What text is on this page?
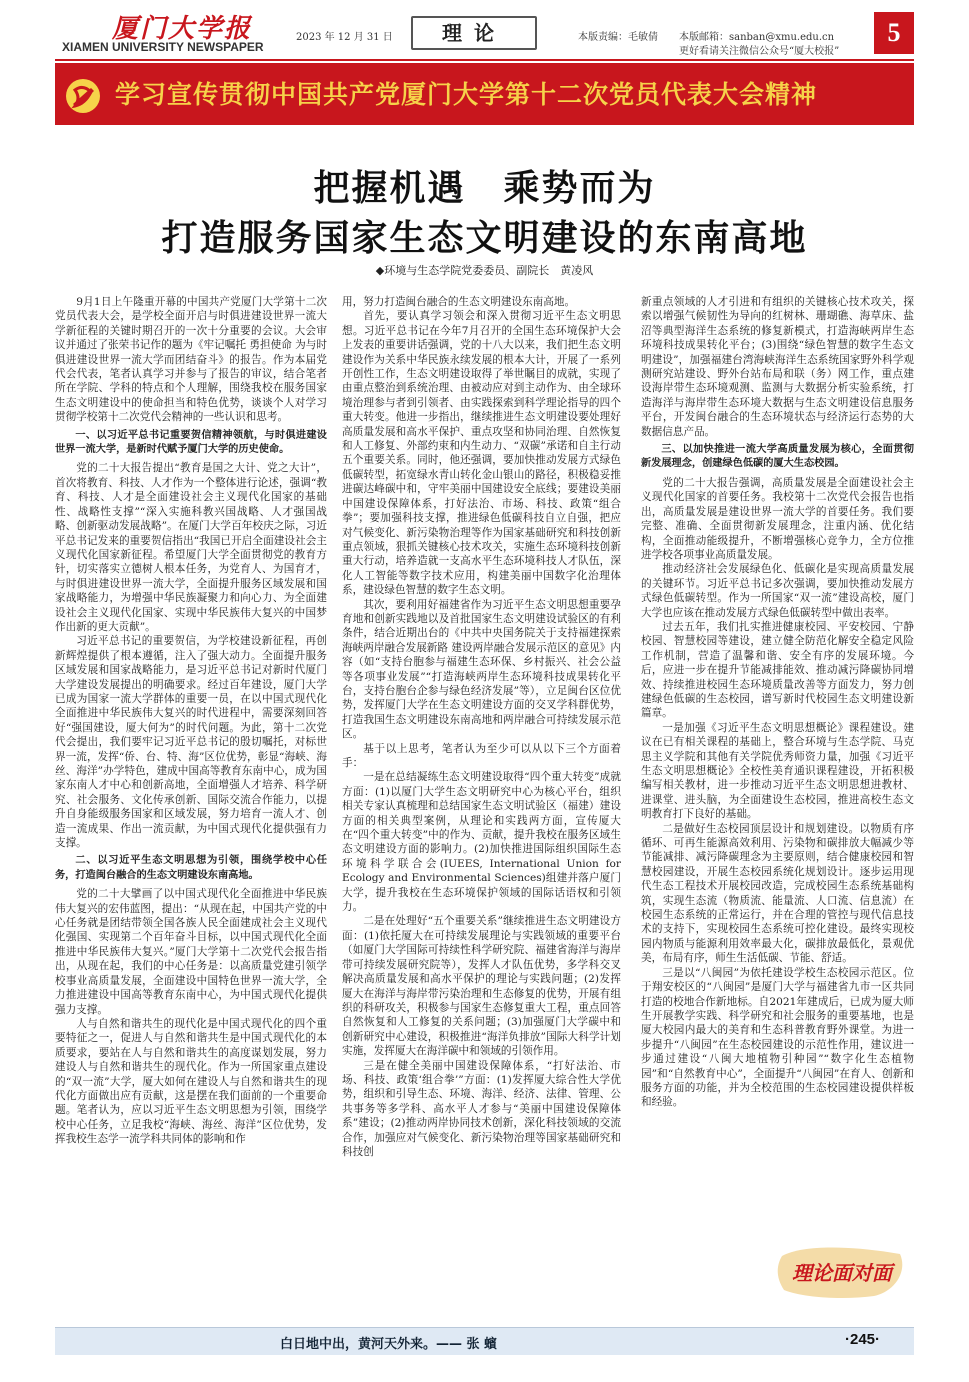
厦门大学报
XIAMEN UNIVERSITY NEWSPAPER
2023 年 12 月 31 日	理论	本版责编：毛敏倩 本版邮箱：sanban@xmu.edu.cn
更好看请关注微信公众号“厦大校报”
5
学习宣传贯彻中国共产党厦门大学第十二次党员代表大会精神
把握机遇　乘势而为
打造服务国家生态文明建设的东南高地
◆环境与生态学院党委委员、副院长　黄凌风

9月1日上午隆重开幕的中国共产党厦门大学第十二次党员代表大会，是学校全面开启与时俱进建设世界一流大学新征程的关键时期召开的一次十分重要的会议。大会审议并通过了张荣书记作的题为《牢记嘱托 勇担使命 为与时俱进建设世界一流大学而团结奋斗》的报告。作为本届党代会代表，笔者认真学习并参与了报告的审议，结合笔者所在学院、学科的特点和个人理解，围绕我校在服务国家生态文明建设中的使命担当和特色优势，谈谈个人对学习贯彻学校第十二次党代会精神的一些认识和思考。

一、以习近平总书记重要贺信精神领航，与时俱进建设世界一流大学，是新时代赋予厦门大学的历史使命。

党的二十大报告提出“教育是国之大计、党之大计”，首次将教育、科技、人才作为一个整体进行论述，强调“教育、科技、人才是全面建设社会主义现代化国家的基础性、战略性支撑”“深入实施科教兴国战略、人才强国战略、创新驱动发展战略”。在厦门大学百年校庆之际，习近平总书记发来的重要贺信指出“我国已开启全面建设社会主义现代化国家新征程。希望厦门大学全面贯彻党的教育方针，切实落实立德树人根本任务，为党育人、为国育才，与时俱进建设世界一流大学，全面提升服务区域发展和国家战略能力，为增强中华民族凝聚力和向心力、为全面建设社会主义现代化国家、实现中华民族伟大复兴的中国梦作出新的更大贡献”。

习近平总书记的重要贺信，为学校建设新征程，再创新辉煌提供了根本遵循，注入了强大动力。全面提升服务区域发展和国家战略能力，是习近平总书记对新时代厦门大学建设发展提出的明确要求。经过百年建设，厦门大学已成为国家一流大学群体的重要一员，在以中国式现代化全面推进中华民族伟大复兴的时代进程中，需要深刻回答好“强国建设，厦大何为”的时代问题。为此，第十二次党代会提出，我们要牢记习近平总书记的殷切嘱托，对标世界一流，发挥“侨、台、特、海”区位优势，彰显“海峡、海丝、海洋”办学特色，建成中国高等教育东南中心，成为国家东南人才中心和创新高地，全面增强人才培养、科学研究、社会服务、文化传承创新、国际交流合作能力，以提升自身能级服务国家和区域发展，努力培育一流人才、创造一流成果、作出一流贡献，为中国式现代化提供强有力支撑。

二、以习近平生态文明思想为引领，围绕学校中心任务，打造闽台融合的生态文明建设东南高地。

党的二十大擘画了以中国式现代化全面推进中华民族伟大复兴的宏伟蓝图，提出：“从现在起，中国共产党的中心任务就是团结带领全国各族人民全面建成社会主义现代化强国、实现第二个百年奋斗目标，以中国式现代化全面推进中华民族伟大复兴。”厦门大学第十二次党代会报告指出，从现在起，我们的中心任务是：以高质量党建引领学校事业高质量发展，全面建设中国特色世界一流大学，全力推进建设中国高等教育东南中心，为中国式现代化提供强力支撑。

人与自然和谐共生的现代化是中国式现代化的四个重要特征之一，促进人与自然和谐共生是中国式现代化的本质要求，要站在人与自然和谐共生的高度谋划发展，努力建设人与自然和谐共生的现代化。作为一所国家重点建设的“双一流”大学，厦大如何在建设人与自然和谐共生的现代化方面做出应有贡献，这是摆在我们面前的一个重要命题。笔者认为，应以习近平生态文明思想为引领，围绕学校中心任务，立足我校“海峡、海丝、海洋”区位优势，发挥我校生态学一流学科共同体的影响和作

用，努力打造闽台融合的生态文明建设东南高地。

首先，要认真学习领会和深入贯彻习近平生态文明思想。习近平总书记在今年7月召开的全国生态环境保护大会上发表的重要讲话强调，党的十八大以来，我们把生态文明建设作为关系中华民族永续发展的根本大计，开展了一系列开创性工作，生态文明建设取得了举世瞩目的成就，实现了由重点整治到系统治理、由被动应对到主动作为、由全球环境治理参与者到引领者、由实践探索到科学理论指导的四个重大转变。他进一步指出，继续推进生态文明建设要处理好高质量发展和高水平保护、重点攻坚和协同治理、自然恢复和人工修复、外部约束和内生动力、“双碳”承诺和自主行动五个重要关系。同时，他还强调，要加快推动发展方式绿色低碳转型，拓宽绿水青山转化金山银山的路径，积极稳妥推进碳达峰碳中和，守牢美丽中国建设安全底线；要建设美丽中国建设保障体系，打好法治、市场、科技、政策“组合拳”；要加强科技支撑，推进绿色低碳科技自立自强，把应对气候变化、新污染物治理等作为国家基础研究和科技创新重点领域，狠抓关键核心技术攻关，实施生态环境科技创新重大行动，培养造就一支高水平生态环境科技人才队伍，深化人工智能等数字技术应用，构建美丽中国数字化治理体系，建设绿色智慧的数字生态文明。

其次，要利用好福建省作为习近平生态文明思想重要孕育地和创新实践地以及首批国家生态文明建设试验区的有利条件，结合近期出台的《中共中央国务院关于支持福建探索海峡两岸融合发展新路 建设两岸融合发展示范区的意见》内容（如“支持台胞参与福建生态环保、乡村振兴、社会公益等各项事业发展”“打造海峡两岸生态环境科技成果转化平台，支持台胞台企参与绿色经济发展”等），立足闽台区位优势，发挥厦门大学在生态文明建设方面的交叉学科群优势，打造我国生态文明建设东南高地和两岸融合可持续发展示范区。

基于以上思考，笔者认为至少可以从以下三个方面着手：

一是在总结凝练生态文明建设取得“四个重大转变”成就方面：(1)以厦门大学生态文明研究中心为核心平台，组织相关专家认真梳理和总结国家生态文明试验区（福建）建设方面的相关典型案例，从理论和实践两方面，宣传厦大在“四个重大转变”中的作为、贡献，提升我校在服务区域生态文明建设方面的影响力。(2)加快推进国际组织国际生态环境科学联合会(IUEES, International Union for Ecology and Environmental Sciences)组建并落户厦门大学，提升我校在生态环境保护领域的国际话语权和引领力。

二是在处理好“五个重要关系”继续推进生态文明建设方面：(1)依托厦大在可持续发展理论与实践领域的重要平台（如厦门大学国际可持续性科学研究院、福建省海洋与海岸带可持续发展研究院等），发挥人才队伍优势，多学科交叉解决高质量发展和高水平保护的理论与实践问题；(2)发挥厦大在海洋与海岸带污染治理和生态修复的优势，开展有组织的科研攻关，积极参与国家生态修复重大工程，重点回答自然恢复和人工修复的关系问题；(3)加强厦门大学碳中和创新研究中心建设，积极推进“海洋负排放”国际大科学计划实施，发挥厦大在海洋碳中和领域的引领作用。

三是在健全美丽中国建设保障体系，“打好法治、市场、科技、政策‘组合拳’”方面：(1)发挥厦大综合性大学优势，组织和引导生态、环境、海洋、经济、法律、管理、公共事务等多学科、高水平人才参与“美丽中国建设保障体系”建设；(2)推动两岸协同技术创新，深化科技领域的交流合作，加强应对气候变化、新污染物治理等国家基础研究和科技创

新重点领域的人才引进和有组织的关键核心技术攻关，探索以增强气候韧性为导向的红树林、珊瑚礁、海草床、盐沼等典型海洋生态系统的修复新模式，打造海峡两岸生态环境科技成果转化平台；(3)围绕“绿色智慧的数字生态文明建设”，加强福建台湾海峡海洋生态系统国家野外科学观测研究站建设、野外台站布局和联（务）网工作，重点建设海岸带生态环境观测、监测与大数据分析实验系统，打造海洋与海岸带生态环境大数据与生态文明建设信息服务平台，开发闽台融合的生态环境状态与经济运行态势的大数据信息产品。

三、以加快推进一流大学高质量发展为核心，全面贯彻新发展理念，创建绿色低碳的厦大生态校园。

党的二十大报告强调，高质量发展是全面建设社会主义现代化国家的首要任务。我校第十二次党代会报告也指出，高质量发展是建设世界一流大学的首要任务。我们要完整、准确、全面贯彻新发展理念，注重内涵、优化结构，全面推动能级提升，不断增强核心竞争力，全方位推进学校各项事业高质量发展。

推动经济社会发展绿色化、低碳化是实现高质量发展的关键环节。习近平总书记多次强调，要加快推动发展方式绿色低碳转型。作为一所国家“双一流”建设高校，厦门大学也应该在推动发展方式绿色低碳转型中做出表率。

过去五年，我们扎实推进健康校园、平安校园、宁静校园、智慧校园等建设，建立健全防范化解安全稳定风险工作机制，营造了温馨和谐、安全有序的发展环境。今后，应进一步在提升节能减排能效、推动减污降碳协同增效、持续推进校园生态环境质量改善等方面发力，努力创建绿色低碳的生态校园，谱写新时代校园生态文明建设新篇章。

一是加强《习近平生态文明思想概论》课程建设。建议在已有相关课程的基础上，整合环境与生态学院、马克思主义学院和其他有关学院优秀师资力量，加强《习近平生态文明思想概论》全校性美育通识课程建设，开拓积极编写相关教材，进一步推动习近平生态文明思想进教材、进课堂、进头脑，为全面建设生态校园，推进高校生态文明教育打下良好的基础。

二是做好生态校园顶层设计和规划建设。以物质有序循环、可再生能源高效利用、污染物和碳排放大幅减少等节能减排、减污降碳理念为主要原则，结合健康校园和智慧校园建设，开展生态校园系统化规划设计。逐步运用现代生态工程技术开展校园改造，完成校园生态系统基础构筑，实现生态流（物质流、能量流、人口流、信息流）在校园生态系统的正常运行，并在合理的管控与现代信息技术的支持下，实现校园生态系统可控化建设。最终实现校园内物质与能源利用效率最大化，碳排放最低化，景观优美，布局有序，师生生活低碳、节能、舒适。

三是以“八闽园”为依托建设学校生态校园示范区。位于翔安校区的“八闽园”是厦门大学与福建省九市一区共同打造的校地合作新地标。自2021年建成后，已成为厦大师生开展教学实践、科学研究和社会服务的重要基地，也是厦大校园内最大的美育和生态科普教育野外课堂。为进一步提升“八闽园”在生态校园建设的示范性作用，建议进一步通过建设“八闽大地植物引种园”“数字化生态植物园”和“自然教育中心”，全面提升“八闽园”在育人、创新和服务方面的功能，并为全校范围的生态校园建设提供样板和经验。

理论面对面
白日地中出，黄河天外来。—— 张 蠙	·245·
